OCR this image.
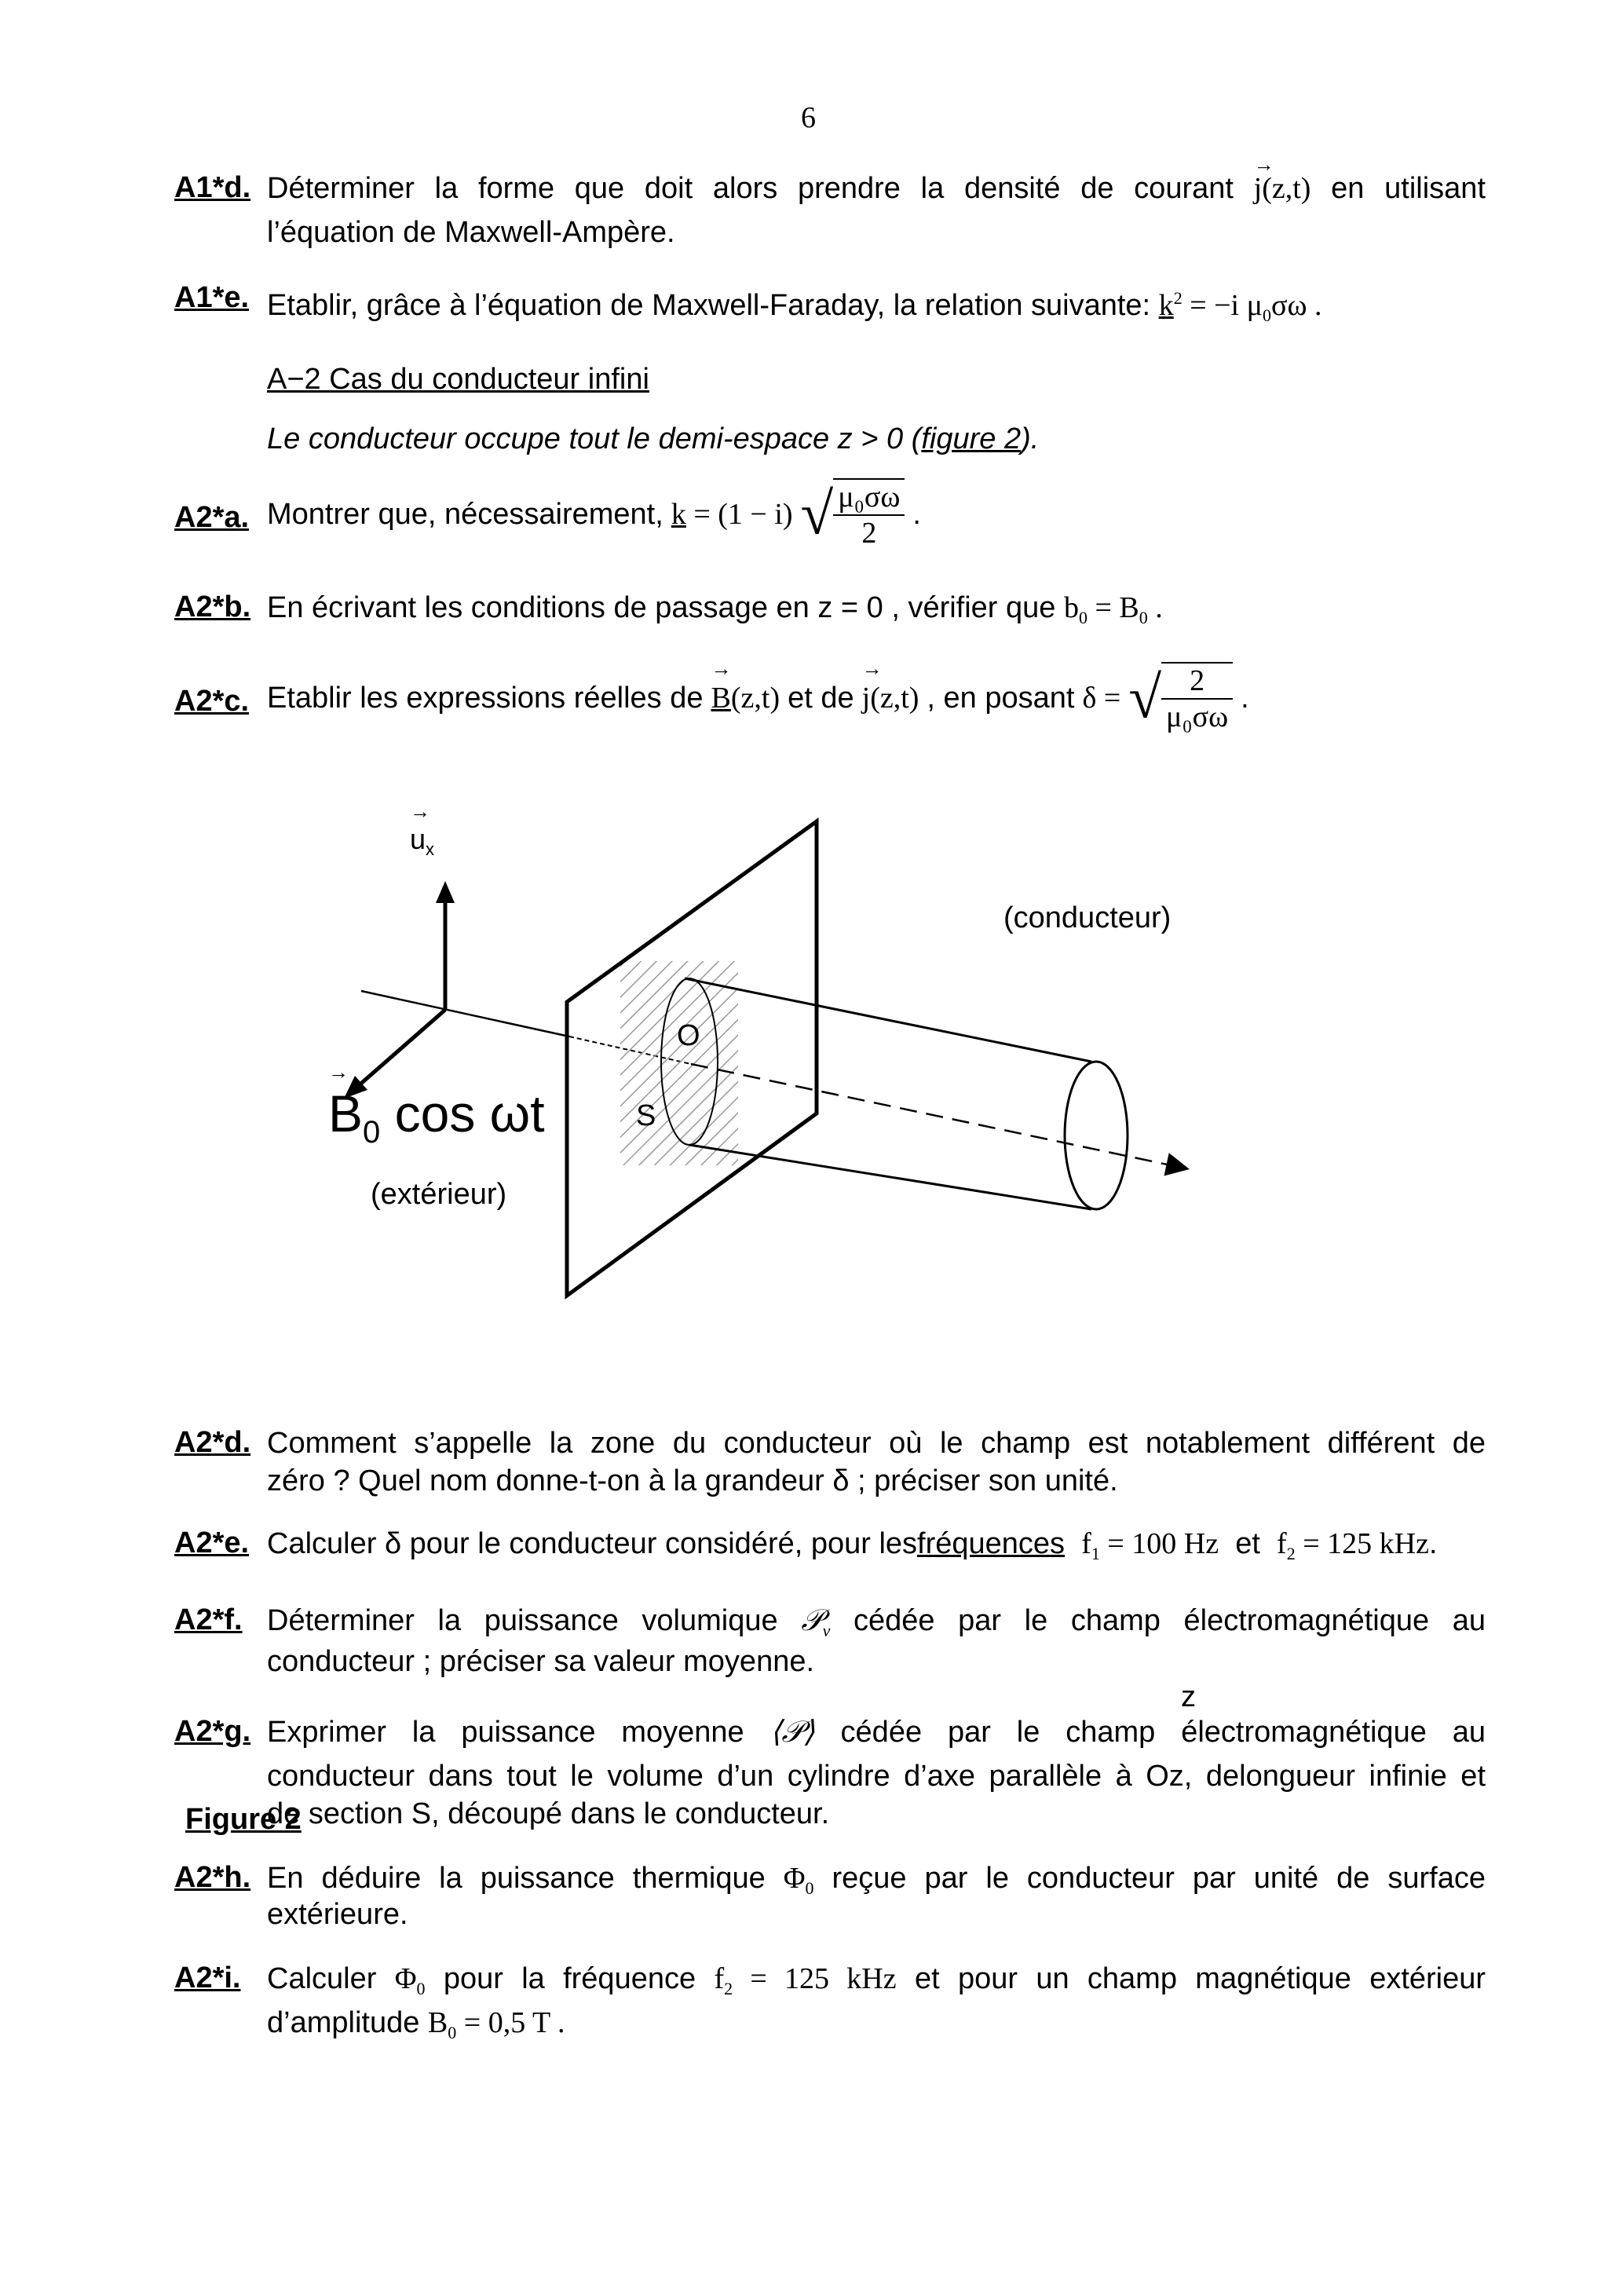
6
A1*d. Déterminer la forme que doit alors prendre la densité de courant → j(z,t) en utilisant
l’équation de Maxwell-Ampère.
A1*e. Etablir, grâce à l’équation de Maxwell-Faraday, la relation suivante: $k^2 = -i$ $\mu_0\sigma\omega$ .
A−2 Cas du conducteur infini
Le conducteur occupe tout le demi-espace z > 0 (figure 2).
A2*a. Montrer que, nécessairement, k = (1 − i) √ $\frac{\text{μ₀σω}}{2}$ .
A2*b. En écrivant les conditions de passage en z = 0 , vérifier que $b_0 = B_0$ .
A2*c. Etablir les expressions réelles de → B(z,t) et de → j(z,t) , en posant δ = √ $\frac{2}{\text{μ₀σω}}$ .
→ $u_x$
(conducteur)
O
S
→ $B_0$ cos ωt
(extérieur)
A2*d. Comment s’appelle la zone du conducteur où le champ est notablement différent de
zéro ? Quel nom donne-t-on à la grandeur δ ; préciser son unité.
A2*e. Calculer δ pour le conducteur considéré, pour lesfréquences $f_1 = 100$ Hz et $f_2 = 125$ kHz.
A2*f. Déterminer la puissance volumique 𝒫$_v$ cédée par le champ électromagnétique au
conducteur ; préciser sa valeur moyenne.
z
A2*g. Exprimer la puissance moyenne ⟨𝒫⟩ cédée par le champ électromagnétique au
conducteur dans tout le volume d’un cylindre d’axe parallèle à Oz, delongueur infinie et
de section S, découpé dans le conducteur.
Figure 2
A2*h. En déduire la puissance thermique $\Phi_0$ reçue par le conducteur par unité de surface
extérieure.
A2*i. Calculer $\Phi_0$ pour la fréquence $f_2 = 125$ kHz et pour un champ magnétique extérieur
d’amplitude $B_0 = 0,5$ T .
